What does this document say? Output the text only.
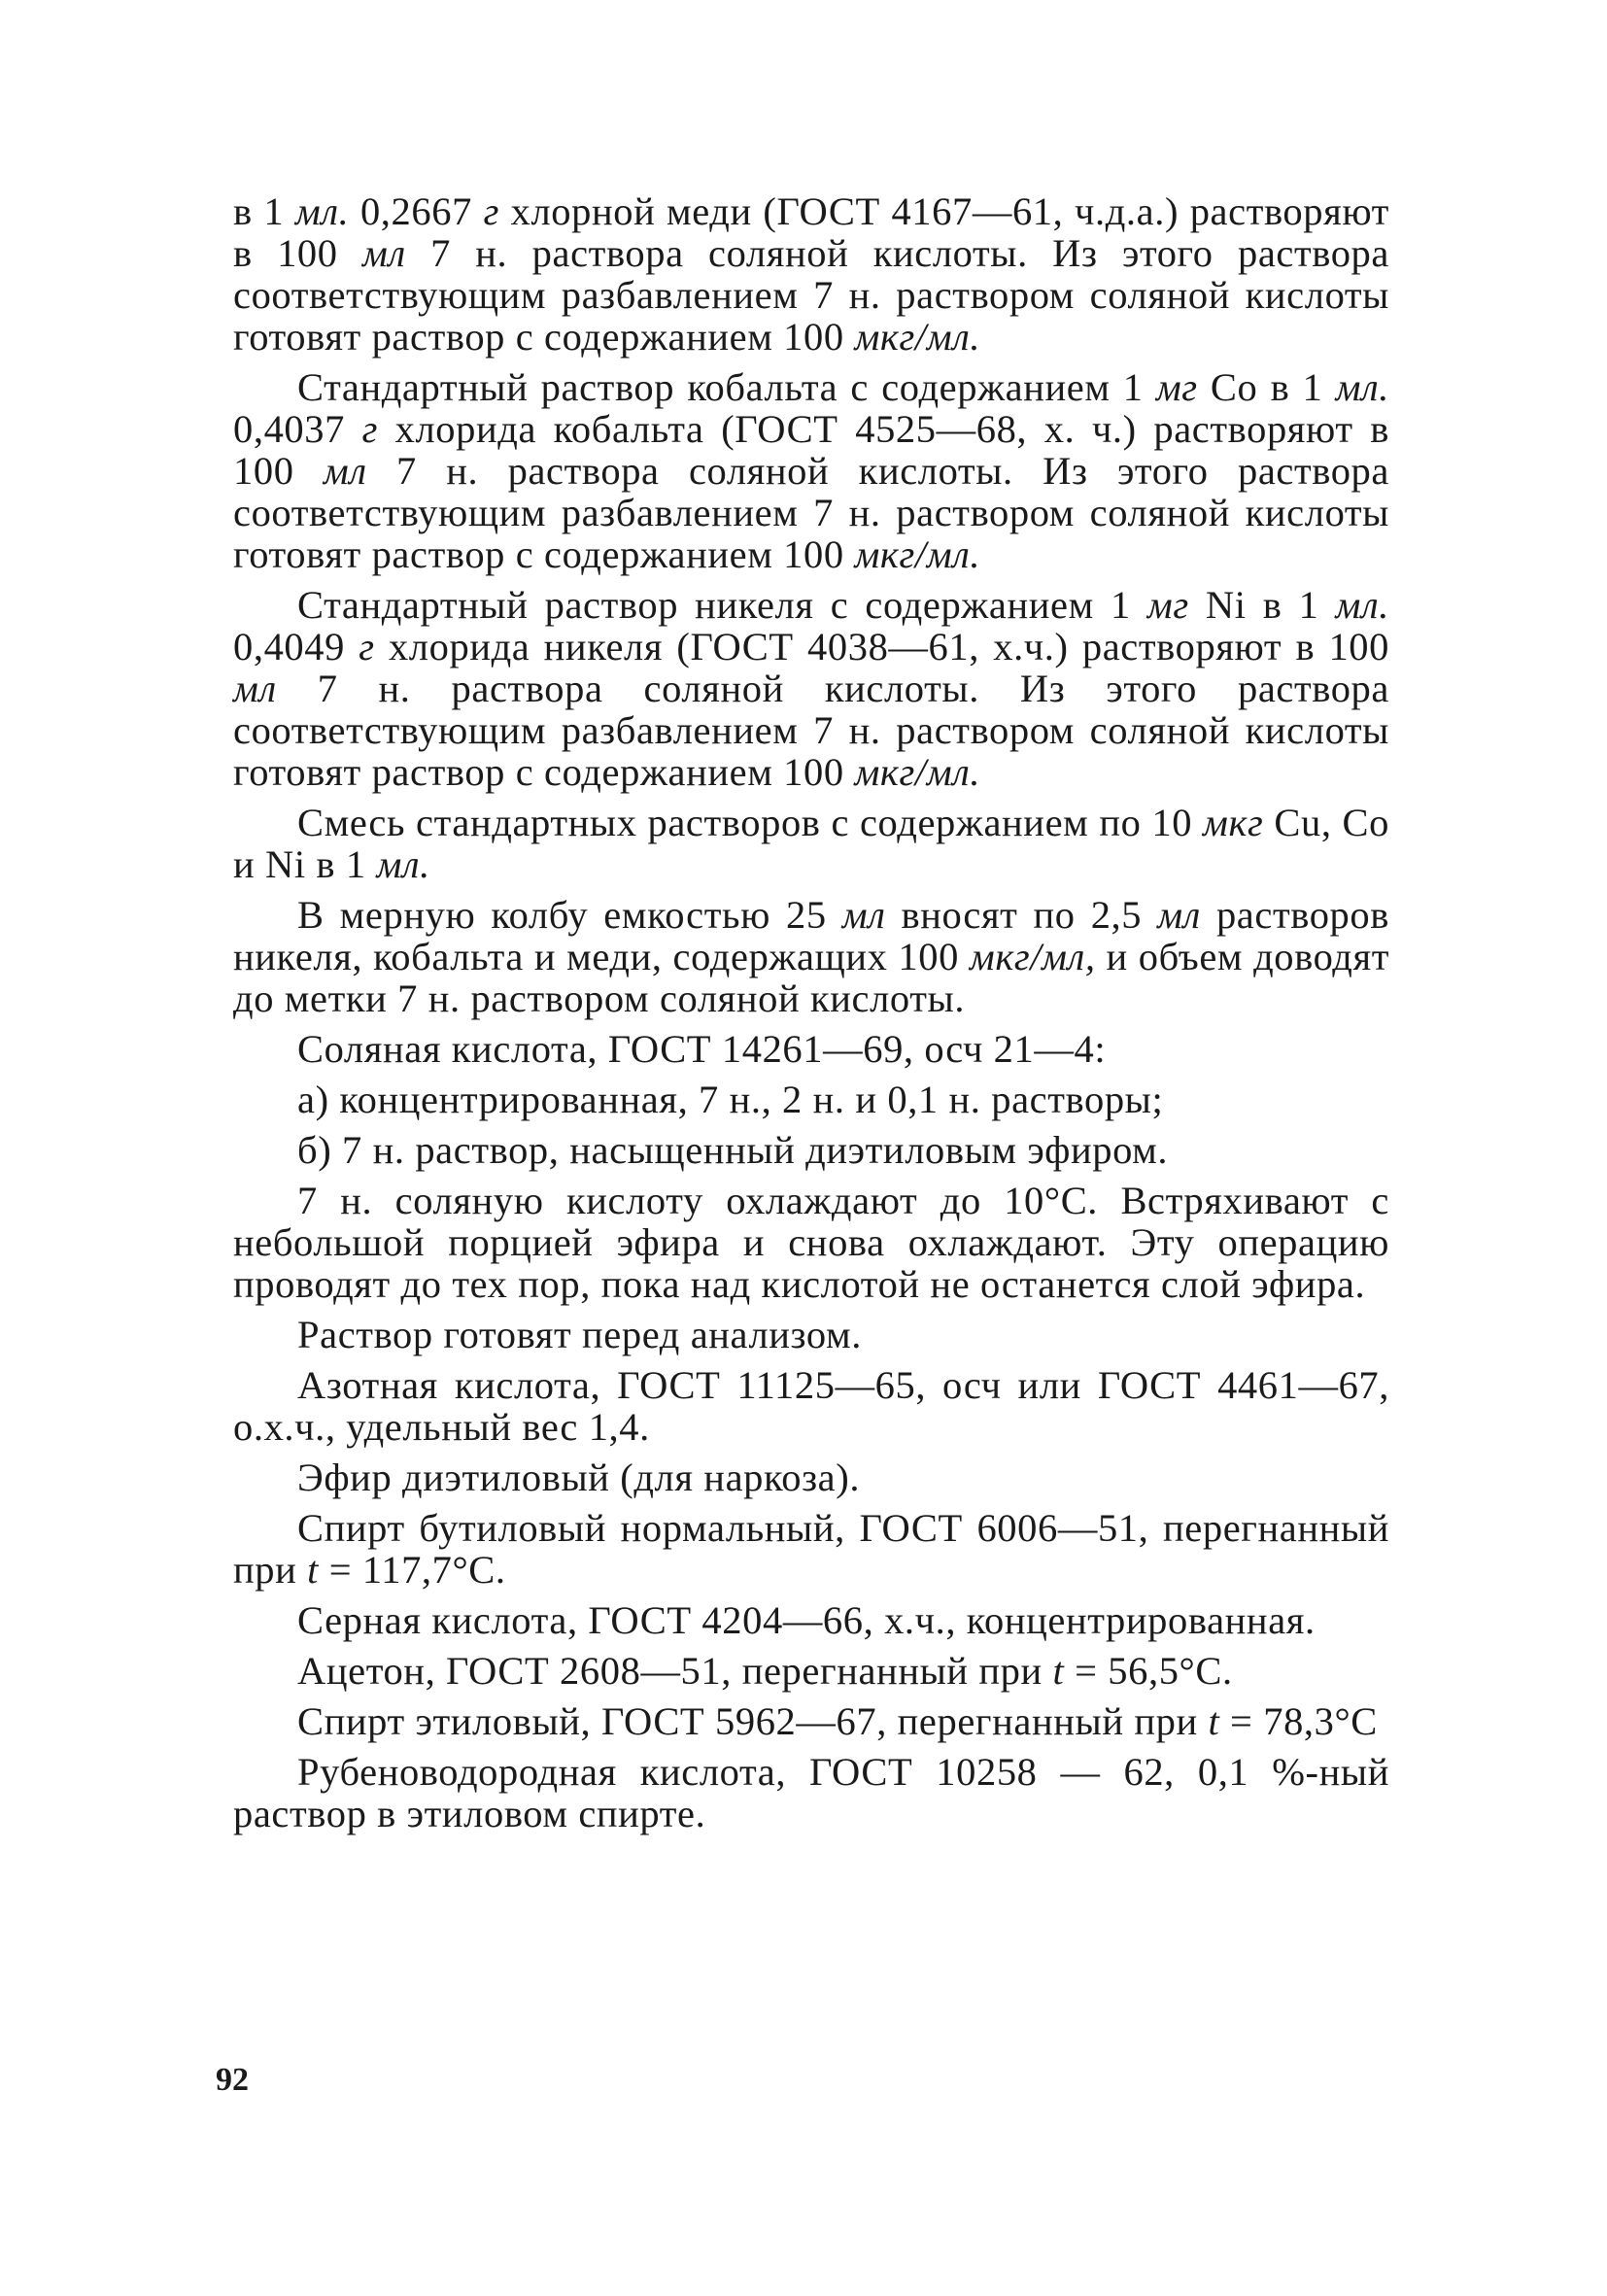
в 1 мл. 0,2667 г хлорной меди (ГОСТ 4167—61, ч.д.а.) растворяют в 100 мл 7 н. раствора соляной кислоты. Из этого раствора соответствующим разбавлением 7 н. раствором соляной кислоты готовят раствор с содержанием 100 мкг/мл.

Стандартный раствор кобальта с содержанием 1 мг Co в 1 мл. 0,4037 г хлорида кобальта (ГОСТ 4525—68, х. ч.) растворяют в 100 мл 7 н. раствора соляной кислоты. Из этого раствора соответствующим разбавлением 7 н. раствором соляной кислоты готовят раствор с содержанием 100 мкг/мл.

Стандартный раствор никеля с содержанием 1 мг Ni в 1 мл. 0,4049 г хлорида никеля (ГОСТ 4038—61, х.ч.) растворяют в 100 мл 7 н. раствора соляной кислоты. Из этого раствора соответствующим разбавлением 7 н. раствором соляной кислоты готовят раствор с содержанием 100 мкг/мл.

Смесь стандартных растворов с содержанием по 10 мкг Cu, Co и Ni в 1 мл.

В мерную колбу емкостью 25 мл вносят по 2,5 мл растворов никеля, кобальта и меди, содержащих 100 мкг/мл, и объем доводят до метки 7 н. раствором соляной кислоты.

Соляная кислота, ГОСТ 14261—69, осч 21—4:

а) концентрированная, 7 н., 2 н. и 0,1 н. растворы;

б) 7 н. раствор, насыщенный диэтиловым эфиром.

7 н. соляную кислоту охлаждают до 10°С. Встряхивают с небольшой порцией эфира и снова охлаждают. Эту операцию проводят до тех пор, пока над кислотой не останется слой эфира.

Раствор готовят перед анализом.

Азотная кислота, ГОСТ 11125—65, осч или ГОСТ 4461—67, о.х.ч., удельный вес 1,4.

Эфир диэтиловый (для наркоза).

Спирт бутиловый нормальный, ГОСТ 6006—51, перегнанный при t = 117,7°С.

Серная кислота, ГОСТ 4204—66, х.ч., концентрированная.

Ацетон, ГОСТ 2608—51, перегнанный при t = 56,5°С.

Спирт этиловый, ГОСТ 5962—67, перегнанный при t = 78,3°С

Рубеноводородная кислота, ГОСТ 10258 — 62, 0,1 %-ный раствор в этиловом спирте.

92
